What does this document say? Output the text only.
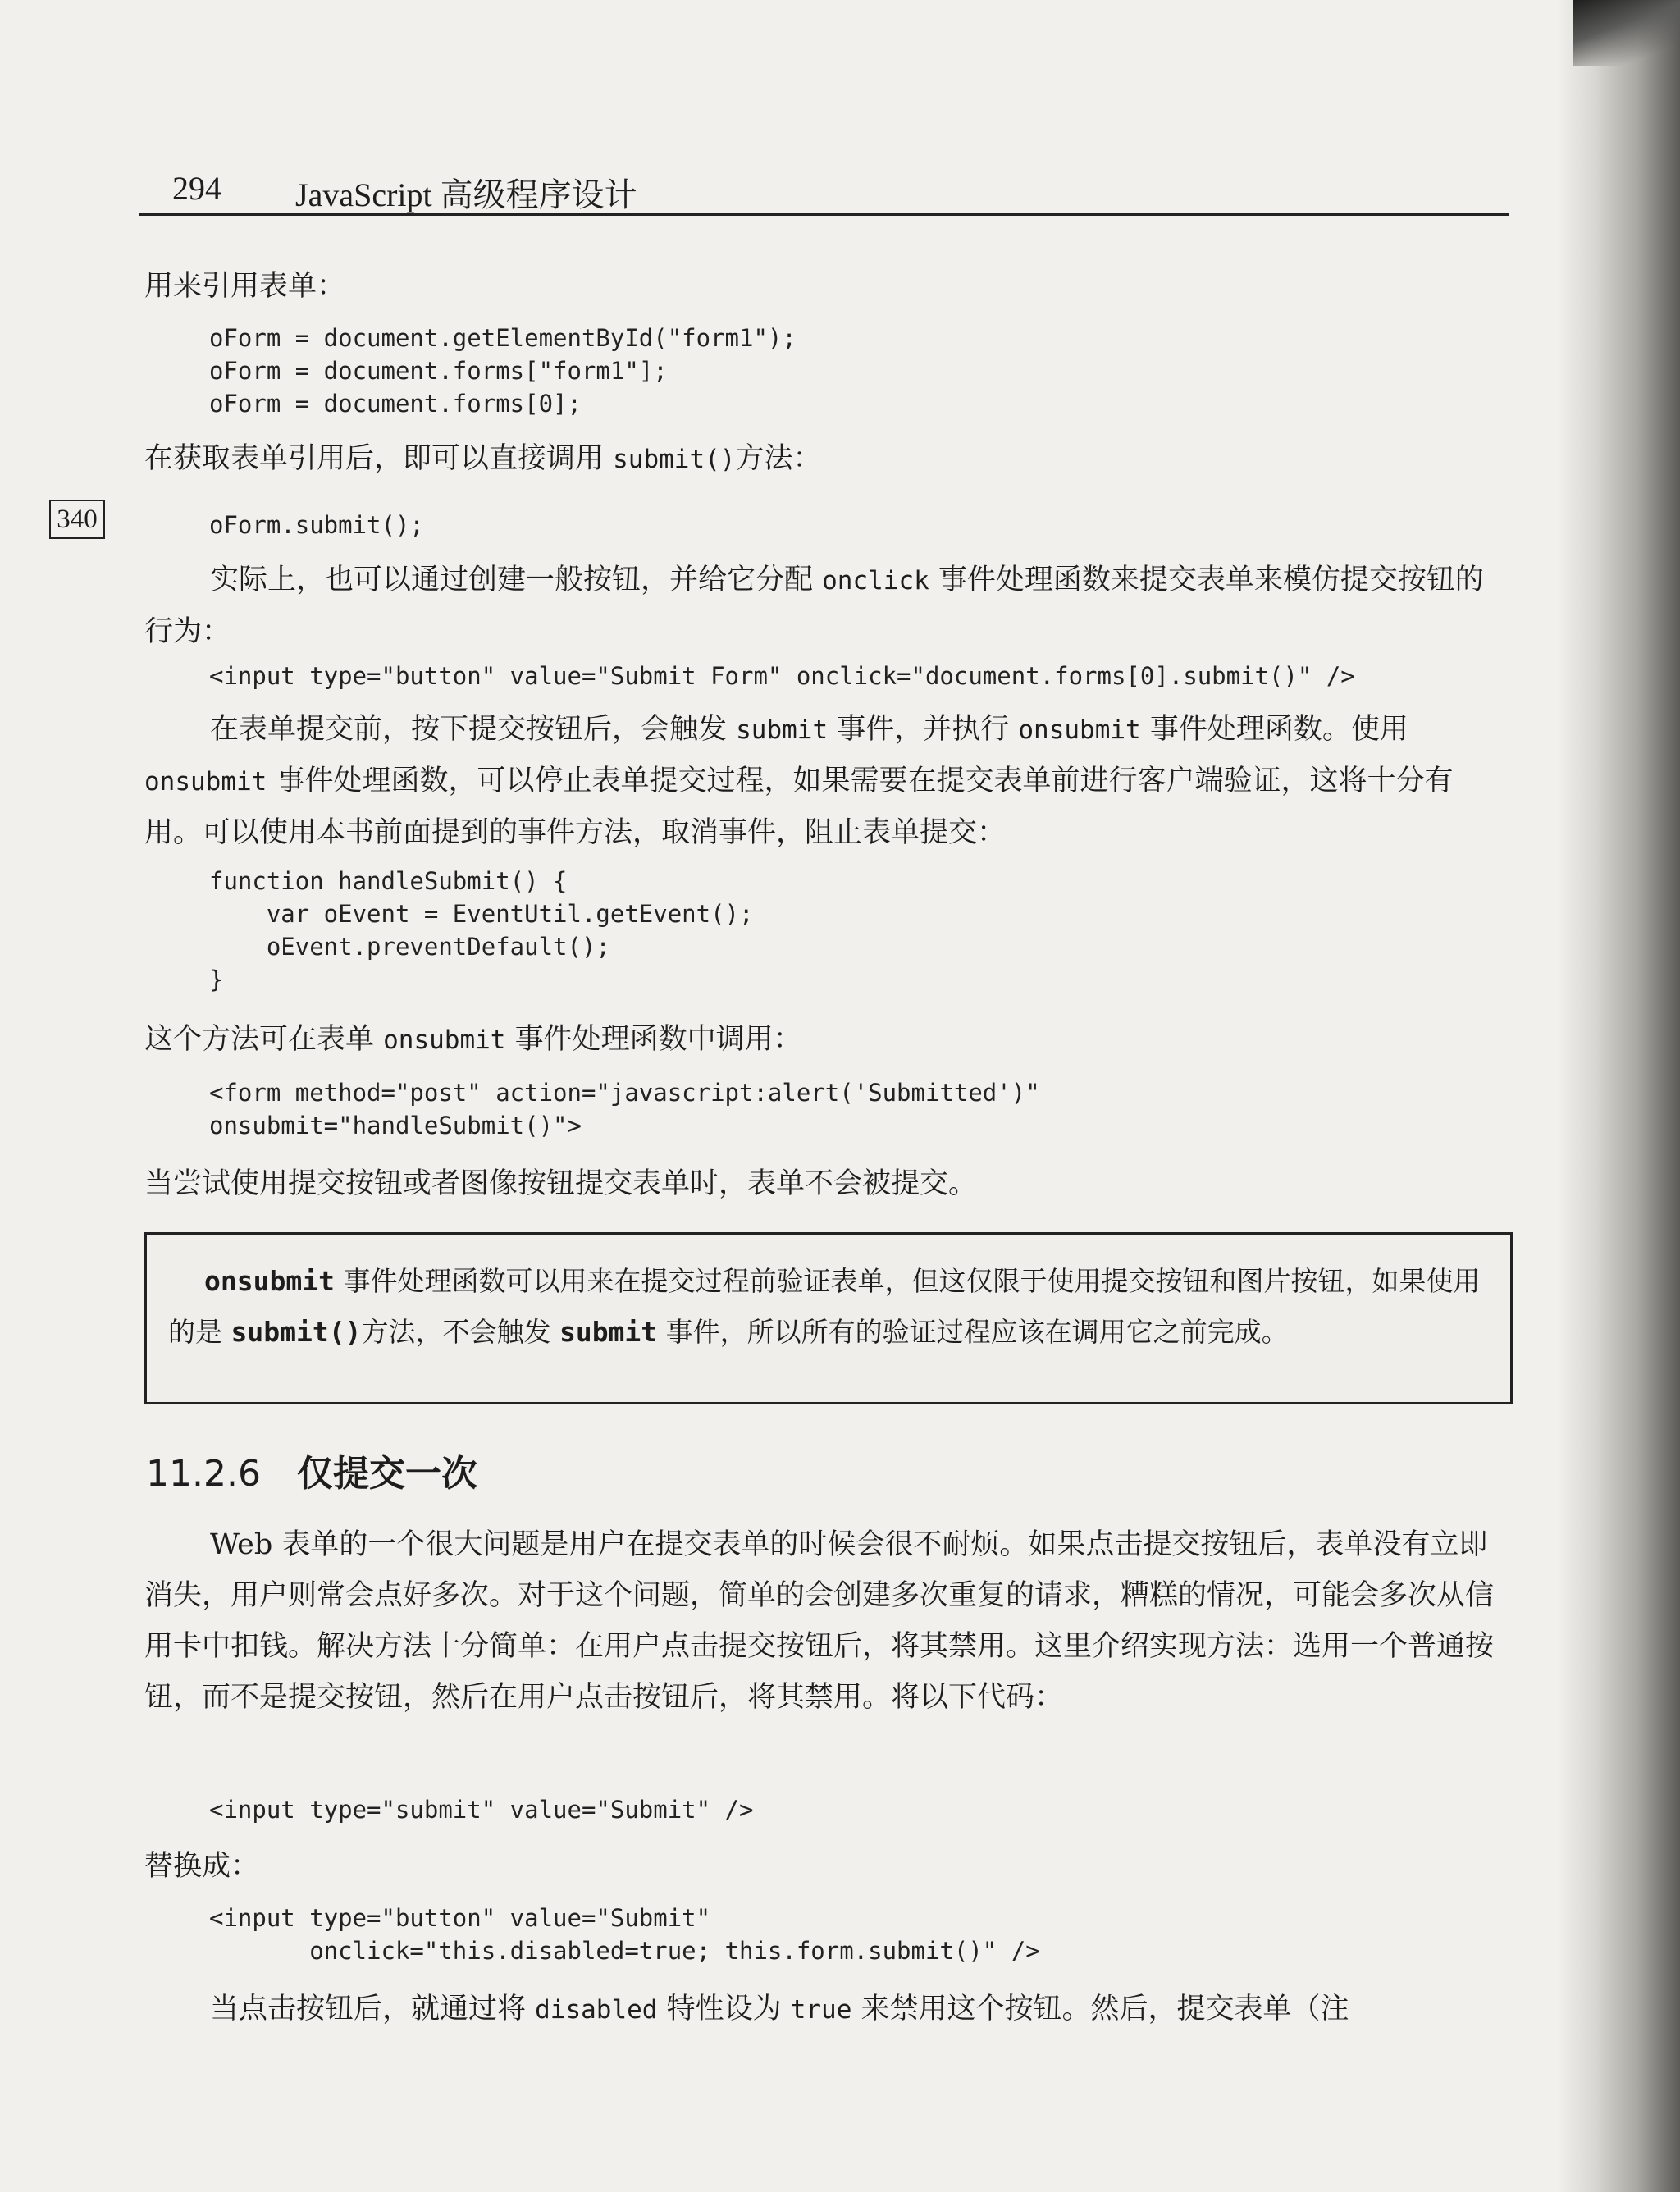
294 JavaScript 高级程序设计
用来引用表单：
oForm = document.getElementById("form1");
oForm = document.forms["form1"];
oForm = document.forms[0];
在获取表单引用后，即可以直接调用 submit()方法：
340	oForm.submit();
实际上，也可以通过创建一般按钮，并给它分配 onclick 事件处理函数来提交表单来模仿提交按钮的行为：
<input type="button" value="Submit Form" onclick="document.forms[0].submit()" />
在表单提交前，按下提交按钮后，会触发 submit 事件，并执行 onsubmit 事件处理函数。使用 onsubmit 事件处理函数，可以停止表单提交过程，如果需要在提交表单前进行客户端验证，这将十分有用。可以使用本书前面提到的事件方法，取消事件，阻止表单提交：
function handleSubmit() {
var oEvent = EventUtil.getEvent();
oEvent.preventDefault();
}
这个方法可在表单 onsubmit 事件处理函数中调用：
<form method="post" action="javascript:alert('Submitted')"
onsubmit="handleSubmit()">
当尝试使用提交按钮或者图像按钮提交表单时，表单不会被提交。
onsubmit 事件处理函数可以用来在提交过程前验证表单，但这仅限于使用提交按钮和图片按钮，如果使用的是 submit()方法，不会触发 submit 事件，所以所有的验证过程应该在调用它之前完成。
11.2.6 仅提交一次
Web 表单的一个很大问题是用户在提交表单的时候会很不耐烦。如果点击提交按钮后，表单没有立即消失，用户则常会点好多次。对于这个问题，简单的会创建多次重复的请求，糟糕的情况，可能会多次从信用卡中扣钱。解决方法十分简单：在用户点击提交按钮后，将其禁用。这里介绍实现方法：选用一个普通按钮，而不是提交按钮，然后在用户点击按钮后，将其禁用。将以下代码：
<input type="submit" value="Submit" />
替换成：
<input type="button" value="Submit"
onclick="this.disabled=true; this.form.submit()" />
当点击按钮后，就通过将 disabled 特性设为 true 来禁用这个按钮。然后，提交表单（注
